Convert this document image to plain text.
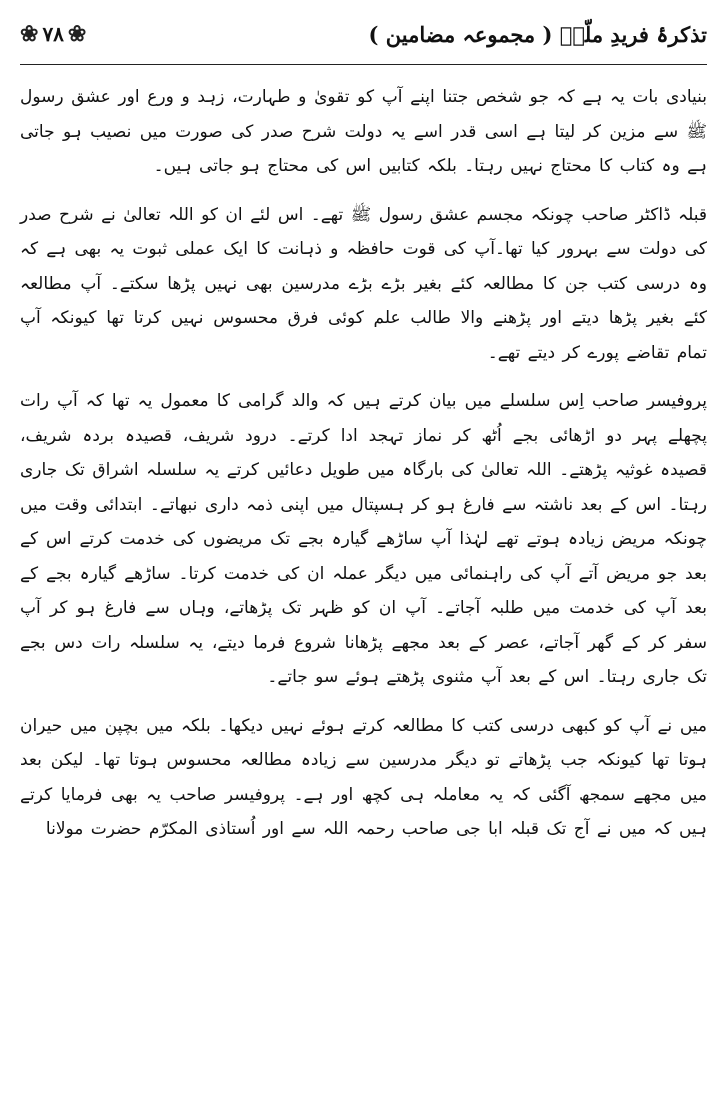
تذکرۂ فریدِ ملّتؒ ( مجموعہ مضامین )
❀ ۷۸ ❀

بنیادی بات یہ ہے کہ جو شخص جتنا اپنے آپ کو تقویٰ و طہارت، زہد و ورع اور عشق رسول ﷺ سے مزین کر لیتا ہے اسی قدر اسے یہ دولت شرح صدر کی صورت میں نصیب ہو جاتی ہے وہ کتاب کا محتاج نہیں رہتا۔ بلکہ کتابیں اس کی محتاج ہو جاتی ہیں۔

قبلہ ڈاکٹر صاحب چونکہ مجسم عشق رسول ﷺ تھے۔ اس لئے ان کو اللہ تعالیٰ نے شرح صدر کی دولت سے بہرور کیا تھا۔آپ کی قوت حافظہ و ذہانت کا ایک عملی ثبوت یہ بھی ہے کہ وہ درسی کتب جن کا مطالعہ کئے بغیر بڑے بڑے مدرسین بھی نہیں پڑھا سکتے۔ آپ مطالعہ کئے بغیر پڑھا دیتے اور پڑھنے والا طالب علم کوئی فرق محسوس نہیں کرتا تھا کیونکہ آپ تمام تقاضے پورے کر دیتے تھے۔

پروفیسر صاحب اِس سلسلے میں بیان کرتے ہیں کہ والد گرامی کا معمول یہ تھا کہ آپ رات پچھلے پہر دو اڑھائی بجے اُٹھ کر نماز تہجد ادا کرتے۔ درود شریف، قصیدہ بردہ شریف، قصیدہ غوثیہ پڑھتے۔ اللہ تعالیٰ کی بارگاہ میں طویل دعائیں کرتے یہ سلسلہ اشراق تک جاری رہتا۔ اس کے بعد ناشتہ سے فارغ ہو کر ہسپتال میں اپنی ذمہ داری نبھاتے۔ ابتدائی وقت میں چونکہ مریض زیادہ ہوتے تھے لہٰذا آپ ساڑھے گیارہ بجے تک مریضوں کی خدمت کرتے اس کے بعد جو مریض آتے آپ کی راہنمائی میں دیگر عملہ ان کی خدمت کرتا۔ ساڑھے گیارہ بجے کے بعد آپ کی خدمت میں طلبہ آجاتے۔ آپ ان کو ظہر تک پڑھاتے، وہاں سے فارغ ہو کر آپ سفر کر کے گھر آجاتے، عصر کے بعد مجھے پڑھانا شروع فرما دیتے، یہ سلسلہ رات دس بجے تک جاری رہتا۔ اس کے بعد آپ مثنوی پڑھتے ہوئے سو جاتے۔

میں نے آپ کو کبھی درسی کتب کا مطالعہ کرتے ہوئے نہیں دیکھا۔ بلکہ میں بچپن میں حیران ہوتا تھا کیونکہ جب پڑھاتے تو دیگر مدرسین سے زیادہ مطالعہ محسوس ہوتا تھا۔ لیکن بعد میں مجھے سمجھ آگئی کہ یہ معاملہ ہی کچھ اور ہے۔ پروفیسر صاحب یہ بھی فرمایا کرتے ہیں کہ میں نے آج تک قبلہ ابا جی صاحب رحمہ اللہ سے اور اُستاذی المکرّم حضرت مولانا
